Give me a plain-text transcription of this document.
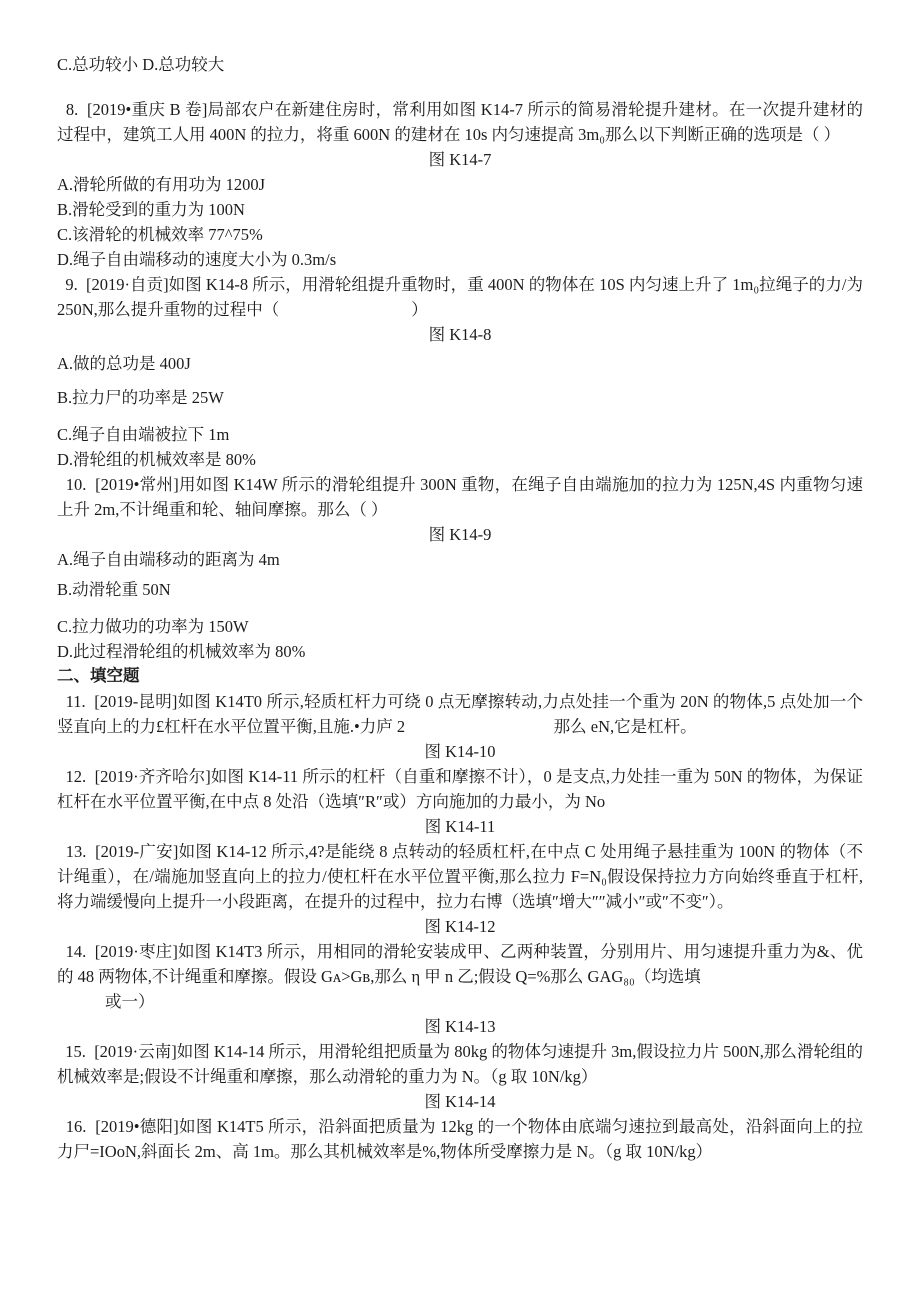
C.总功较小 D.总功较大
8.  [2019•重庆 B 卷]局部农户在新建住房时，常利用如图 K14-7 所示的简易滑轮提升建材。在一次提升建材的过程中，建筑工人用 400N 的拉力，将重 600N 的建材在 10s 内匀速提高 3m₀那么以下判断正确的选项是（ ）
图 K14-7
A.滑轮所做的有用功为 1200J
B.滑轮受到的重力为 100N
C.该滑轮的机械效率 77^75%
D.绳子自由端移动的速度大小为 0.3m/s
9.  [2019·自贡]如图 K14-8 所示，用滑轮组提升重物时，重 400N 的物体在 10S 内匀速上升了 1m₀拉绳子的力/为 250N,那么提升重物的过程中（　　　　　　　　）
图 K14-8
A.做的总功是 400J
B.拉力尸的功率是 25W
C.绳子自由端被拉下 1m
D.滑轮组的机械效率是 80%
10.  [2019•常州]用如图 K14W 所示的滑轮组提升 300N 重物，在绳子自由端施加的拉力为 125N,4S 内重物匀速上升 2m,不计绳重和轮、轴间摩擦。那么（ ）
图 K14-9
A.绳子自由端移动的距离为 4m
B.动滑轮重 50N
C.拉力做功的功率为 150W
D.此过程滑轮组的机械效率为 80%
二、填空题
11.  [2019-昆明]如图 K14T0 所示,轻质杠杆力可绕 0 点无摩擦转动,力点处挂一个重为 20N 的物体,5 点处加一个竖直向上的力£杠杆在水平位置平衡,且施.•力庐 2　　　　　　　　　那么 eN,它是杠杆。
图 K14-10
12.  [2019·齐齐哈尔]如图 K14-11 所示的杠杆（自重和摩擦不计），0 是支点,力处挂一重为 50N 的物体，为保证杠杆在水平位置平衡,在中点 8 处沿（选填″R″或）方向施加的力最小，为 No
图 K14-11
13.  [2019-广安]如图 K14-12 所示,4?是能绕 8 点转动的轻质杠杆,在中点 C 处用绳子悬挂重为 100N 的物体（不计绳重），在/端施加竖直向上的拉力/使杠杆在水平位置平衡,那么拉力 F=N₀假设保持拉力方向始终垂直于杠杆,将力端缓慢向上提升一小段距离，在提升的过程中，拉力右博（选填″增大″″减小″或″不变″）。
图 K14-12
14.  [2019·枣庄]如图 K14T3 所示，用相同的滑轮安装成甲、乙两种装置，分别用片、用匀速提升重力为&、优的 48 两物体,不计绳重和摩擦。假设 Gᴀ>Gʙ,那么 η 甲 n 乙;假设 Q=%那么 GAG₈₀（均选填
或一）
图 K14-13
15.  [2019·云南]如图 K14-14 所示，用滑轮组把质量为 80kg 的物体匀速提升 3m,假设拉力片 500N,那么滑轮组的机械效率是;假设不计绳重和摩擦，那么动滑轮的重力为 N。（g 取 10N/kg）
图 K14-14
16.  [2019•德阳]如图 K14T5 所示，沿斜面把质量为 12kg 的一个物体由底端匀速拉到最高处，沿斜面向上的拉力尸=IOoN,斜面长 2m、高 1m。那么其机械效率是%,物体所受摩擦力是 N。（g 取 10N/kg）
